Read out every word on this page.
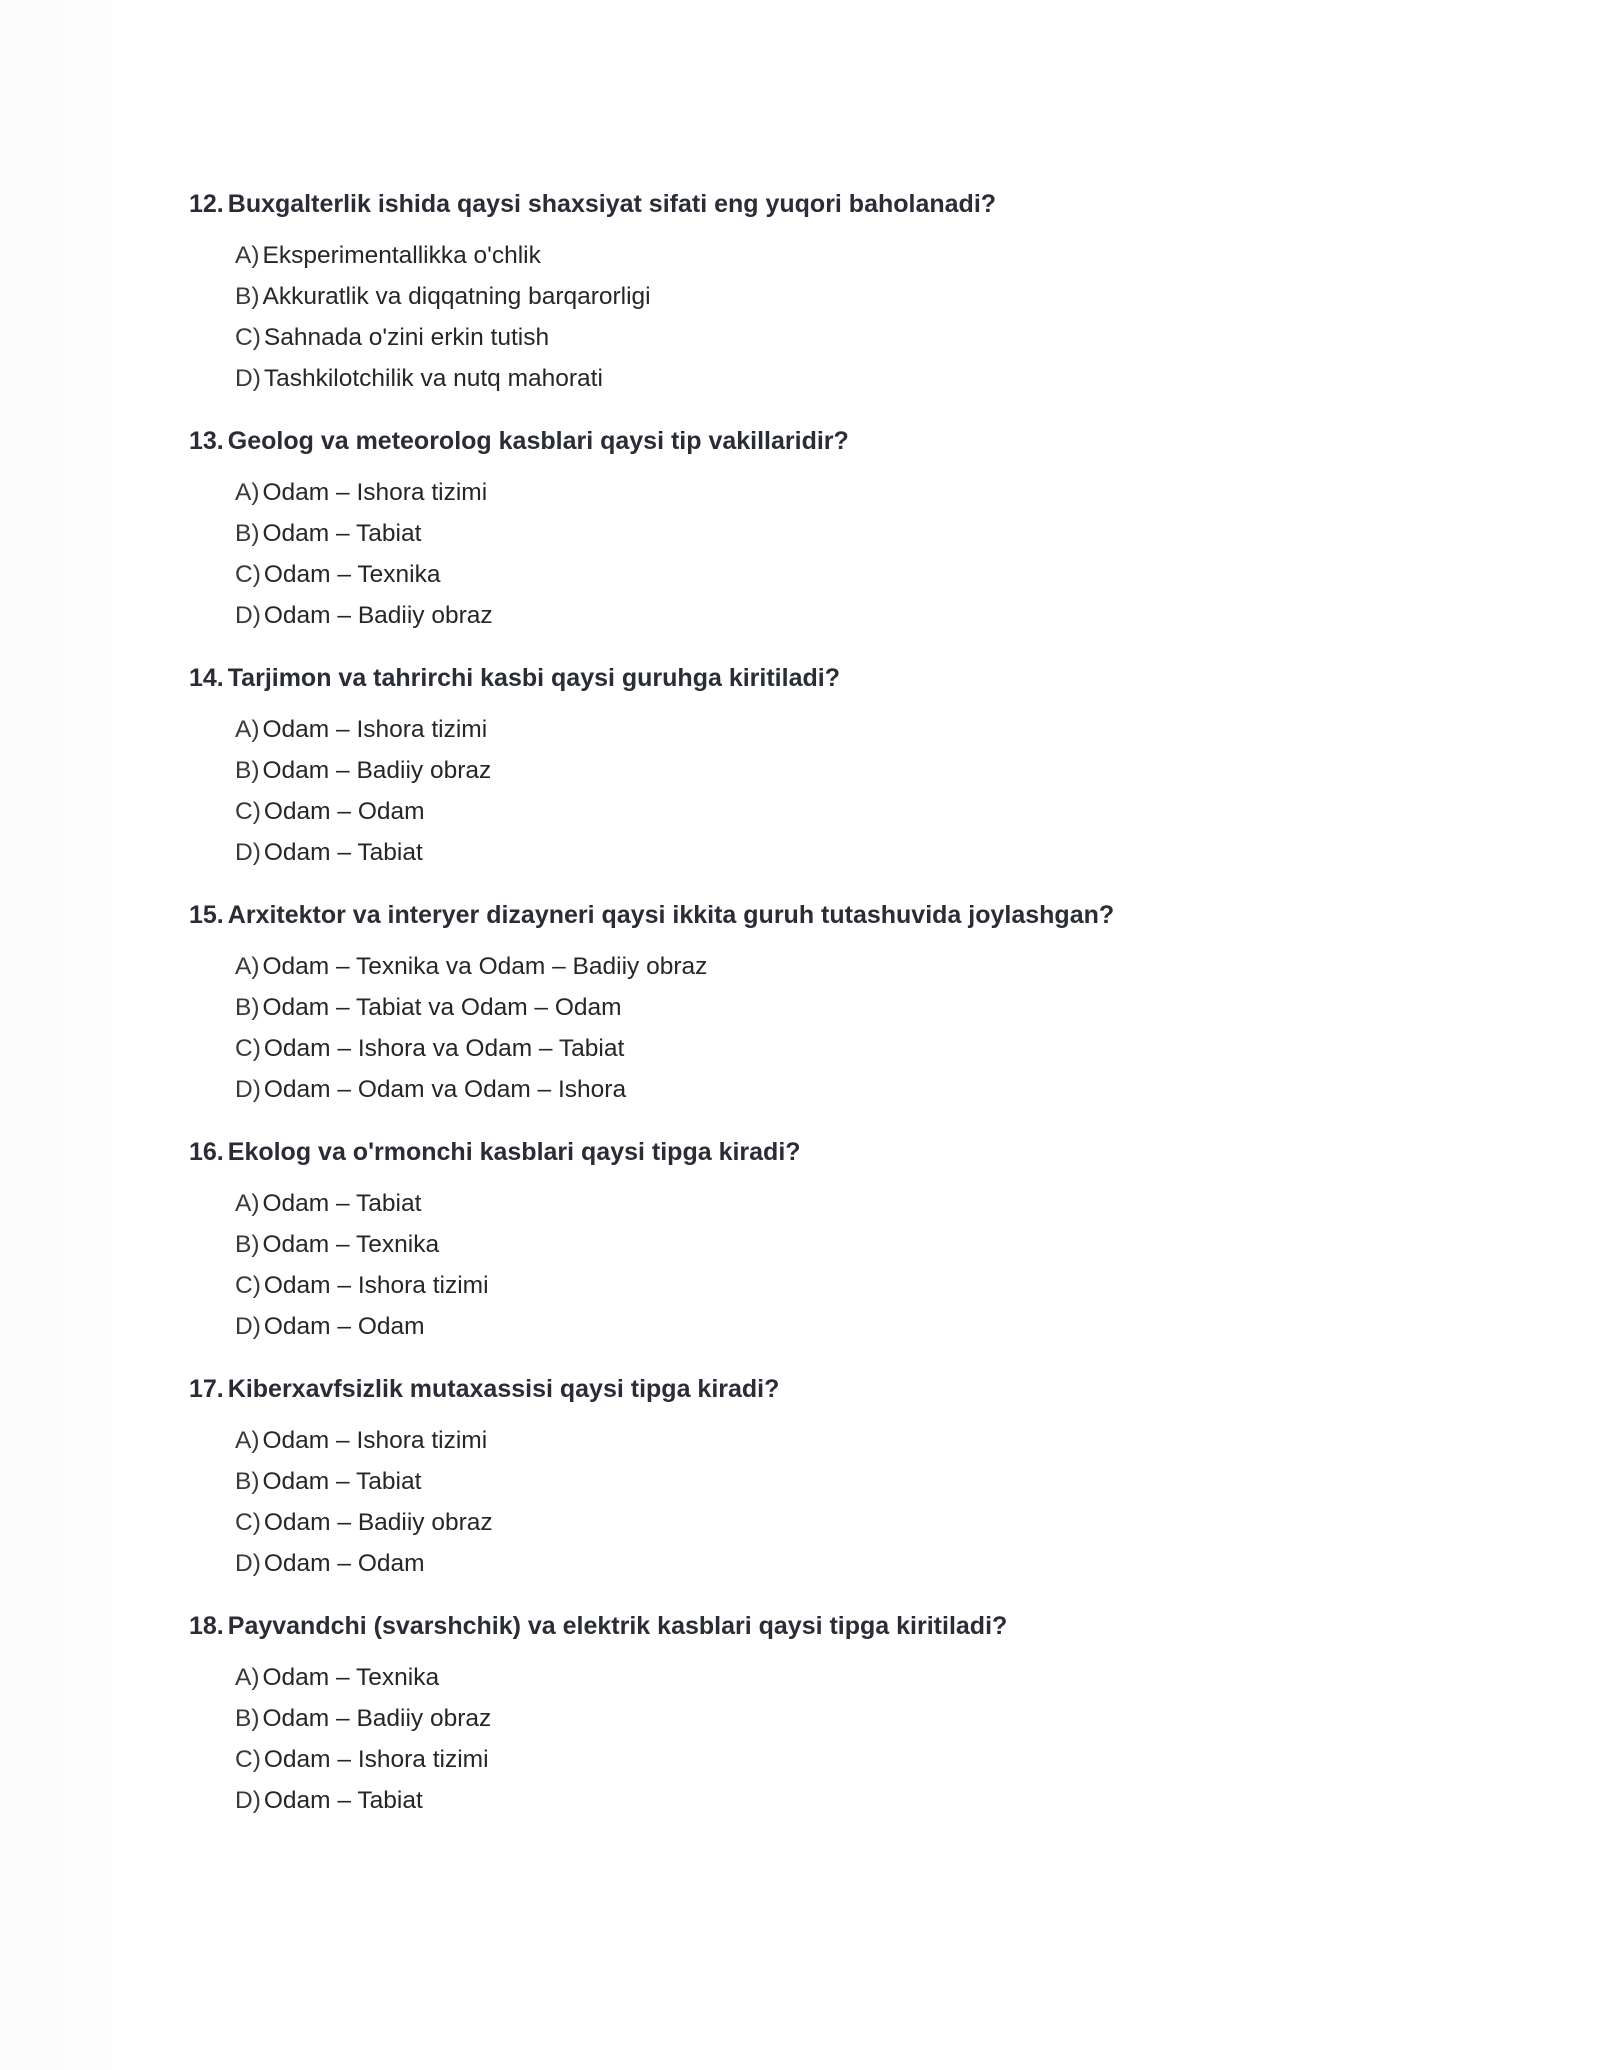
12. Buxgalterlik ishida qaysi shaxsiyat sifati eng yuqori baholanadi?
A) Eksperimentallikka o'chlik
B) Akkuratlik va diqqatning barqarorligi
C) Sahnada o'zini erkin tutish
D) Tashkilotchilik va nutq mahorati
13. Geolog va meteorolog kasblari qaysi tip vakillaridir?
A) Odam – Ishora tizimi
B) Odam – Tabiat
C) Odam – Texnika
D) Odam – Badiiy obraz
14. Tarjimon va tahrirchi kasbi qaysi guruhga kiritiladi?
A) Odam – Ishora tizimi
B) Odam – Badiiy obraz
C) Odam – Odam
D) Odam – Tabiat
15. Arxitektor va interyer dizayneri qaysi ikkita guruh tutashuvida joylashgan?
A) Odam – Texnika va Odam – Badiiy obraz
B) Odam – Tabiat va Odam – Odam
C) Odam – Ishora va Odam – Tabiat
D) Odam – Odam va Odam – Ishora
16. Ekolog va o'rmonchi kasblari qaysi tipga kiradi?
A) Odam – Tabiat
B) Odam – Texnika
C) Odam – Ishora tizimi
D) Odam – Odam
17. Kiberxavfsizlik mutaxassisi qaysi tipga kiradi?
A) Odam – Ishora tizimi
B) Odam – Tabiat
C) Odam – Badiiy obraz
D) Odam – Odam
18. Payvandchi (svarshchik) va elektrik kasblari qaysi tipga kiritiladi?
A) Odam – Texnika
B) Odam – Badiiy obraz
C) Odam – Ishora tizimi
D) Odam – Tabiat
